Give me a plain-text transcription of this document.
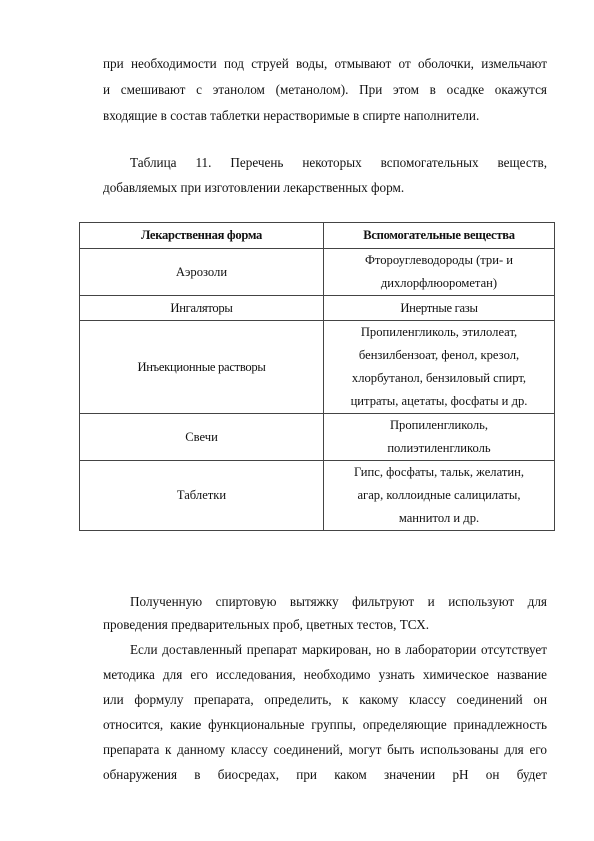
при необходимости под струей воды, отмывают от оболочки, измельчают
и смешивают с этанолом (метанолом). При этом в осадке окажутся
входящие в состав таблетки нерастворимые в спирте наполнители.
Таблица 11. Перечень некоторых вспомогательных веществ,
добавляемых при изготовлении лекарственных форм.
Лекарственная форма	Вспомогательные вещества
Аэрозоли	Фтороуглеводороды (три- и
дихлорфлюорометан)

Ингаляторы	Инертные газы
Инъекционные растворы	Пропиленгликоль, этилолеат,
бензилбензоат, фенол, крезол,
хлорбутанол, бензиловый спирт,
цитраты, ацетаты, фосфаты и др.

Свечи	Пропиленгликоль,
полиэтиленгликоль

Таблетки	Гипс, фосфаты, тальк, желатин,
агар, коллоидные салицилаты,
маннитол и др.
Полученную спиртовую вытяжку фильтруют и используют для
проведения предварительных проб, цветных тестов, ТСХ.
Если доставленный препарат маркирован, но в лаборатории отсутствует
методика для его исследования, необходимо узнать химическое название
или формулу препарата, определить, к какому классу соединений он
относится, какие функциональные группы, определяющие принадлежность
препарата к данному классу соединений, могут быть использованы для его
обнаружения в биосредах, при каком значении pH он будет
